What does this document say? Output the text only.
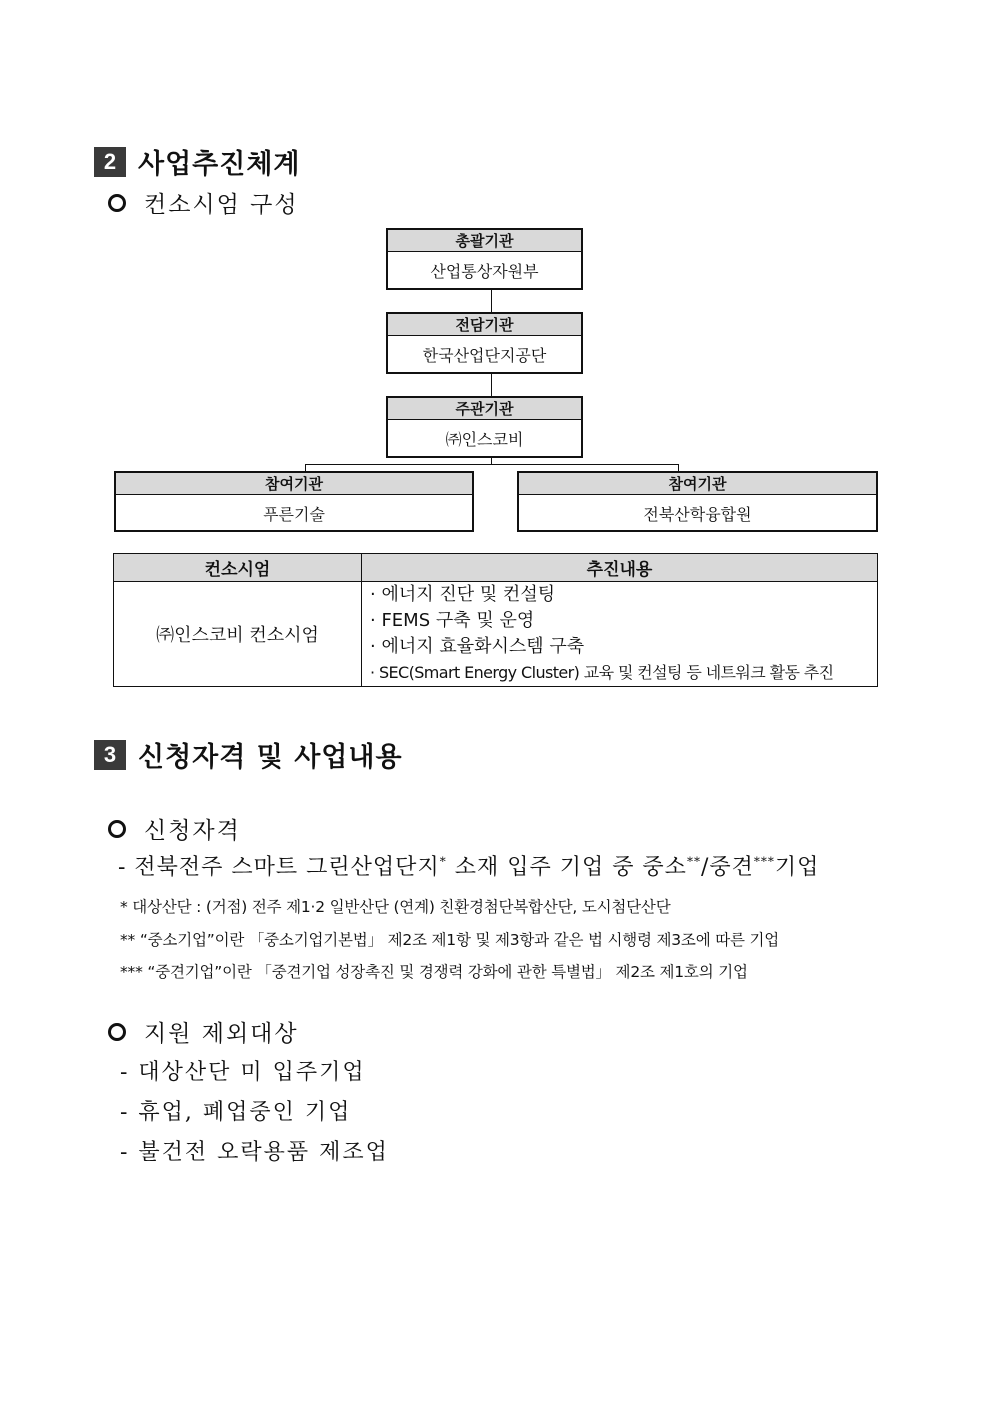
2 사업추진체계
컨소시엄 구성
총괄기관
산업통상자원부
전담기관
한국산업단지공단
주관기관
㈜인스코비
참여기관
푸른기술
참여기관
전북산학융합원
컨소시엄	추진내용
㈜인스코비 컨소시엄	· 에너지 진단 및 컨설팅
· FEMS 구축 및 운영
· 에너지 효율화시스템 구축
· SEC(Smart Energy Cluster) 교육 및 컨설팅 등 네트워크 활동 추진
3 신청자격 및 사업내용
신청자격
- 전북전주 스마트 그린산업단지* 소재 입주 기업 중 중소**/중견***기업
* 대상산단 : (거점) 전주 제1·2 일반산단 (연계) 친환경첨단복합산단, 도시첨단산단
** “중소기업”이란 「중소기업기본법」 제2조 제1항 및 제3항과 같은 법 시행령 제3조에 따른 기업
*** “중견기업”이란 「중견기업 성장촉진 및 경쟁력 강화에 관한 특별법」 제2조 제1호의 기업
지원 제외대상
- 대상산단 미 입주기업
- 휴업, 폐업중인 기업
- 불건전 오락용품 제조업
